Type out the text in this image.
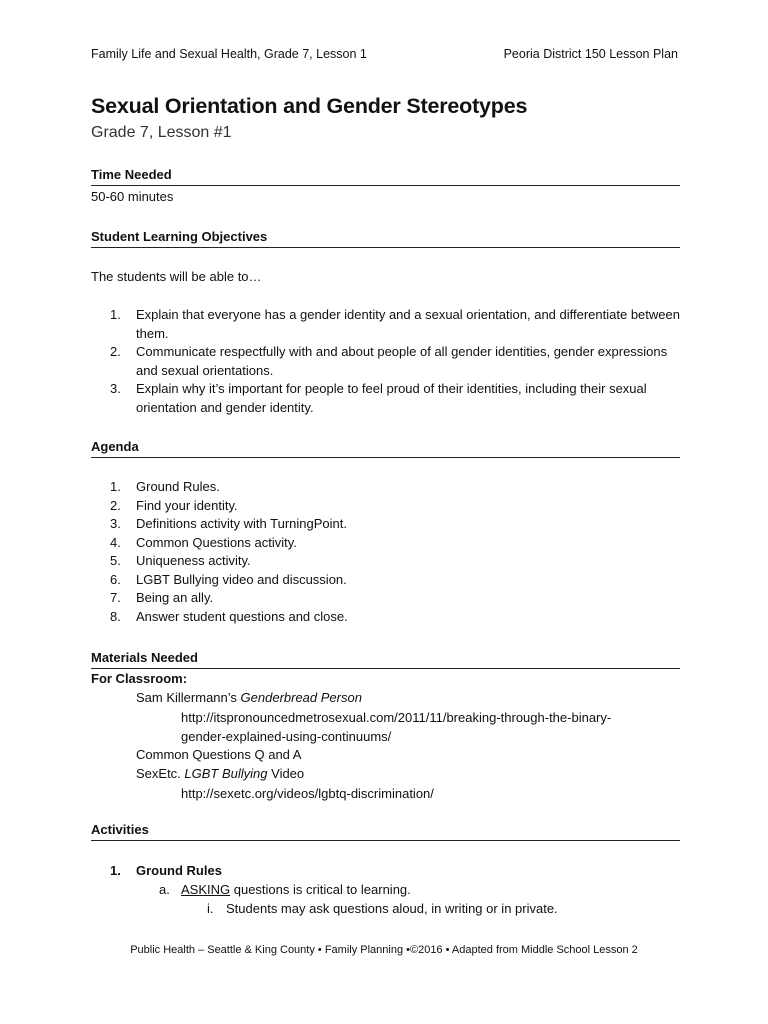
Family Life and Sexual Health, Grade 7, Lesson 1	Peoria District 150 Lesson Plan
Sexual Orientation and Gender Stereotypes
Grade 7, Lesson #1
Time Needed
50-60 minutes
Student Learning Objectives
The students will be able to…
1. Explain that everyone has a gender identity and a sexual orientation, and differentiate between them.
2. Communicate respectfully with and about people of all gender identities, gender expressions and sexual orientations.
3. Explain why it’s important for people to feel proud of their identities, including their sexual orientation and gender identity.
Agenda
1. Ground Rules.
2. Find your identity.
3. Definitions activity with TurningPoint.
4. Common Questions activity.
5. Uniqueness activity.
6. LGBT Bullying video and discussion.
7. Being an ally.
8. Answer student questions and close.
Materials Needed
For Classroom:
Sam Killermann’s Genderbread Person
http://itspronouncedmetrosexual.com/2011/11/breaking-through-the-binary-
gender-explained-using-continuums/
Common Questions Q and A
SexEtc. LGBT Bullying Video
http://sexetc.org/videos/lgbtq-discrimination/
Activities
1. Ground Rules
a. ASKING questions is critical to learning.
i. Students may ask questions aloud, in writing or in private.
Public Health – Seattle & King County • Family Planning •©2016 • Adapted from Middle School Lesson 2
